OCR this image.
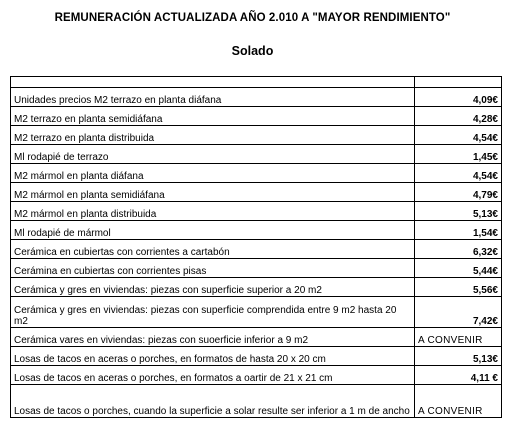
REMUNERACIÓN ACTUALIZADA AÑO 2.010 A "MAYOR RENDIMIENTO"
Solado

Unidades precios M2 terrazo en planta diáfana	4,09€
M2 terrazo en planta semidiáfana	4,28€
M2 terrazo en planta distribuida	4,54€
Ml rodapié de terrazo	1,45€
M2 mármol en planta diáfana	4,54€
M2 mármol en planta semidiáfana	4,79€
M2 mármol en planta distribuida	5,13€
Ml rodapié de mármol	1,54€
Cerámica en cubiertas con corrientes a cartabón	6,32€
Cerámina en cubiertas con corrientes pisas	5,44€
Cerámica y gres en viviendas: piezas con superficie superior a 20 m2	5,56€
Cerámica y gres en viviendas: piezas con superficie comprendida entre 9 m2 hasta 20 m2	7,42€
Cerámica vares en viviendas: piezas con suoerficie inferior a 9 m2	A CONVENIR
Losas de tacos en aceras o porches, en formatos de hasta 20 x 20 cm	5,13€
Losas de tacos en aceras o porches, en formatos a oartir de 21 x 21 cm	4,11 €
Losas de tacos o porches, cuando la superficie a solar resulte ser inferior a 1 m de ancho	A CONVENIR
